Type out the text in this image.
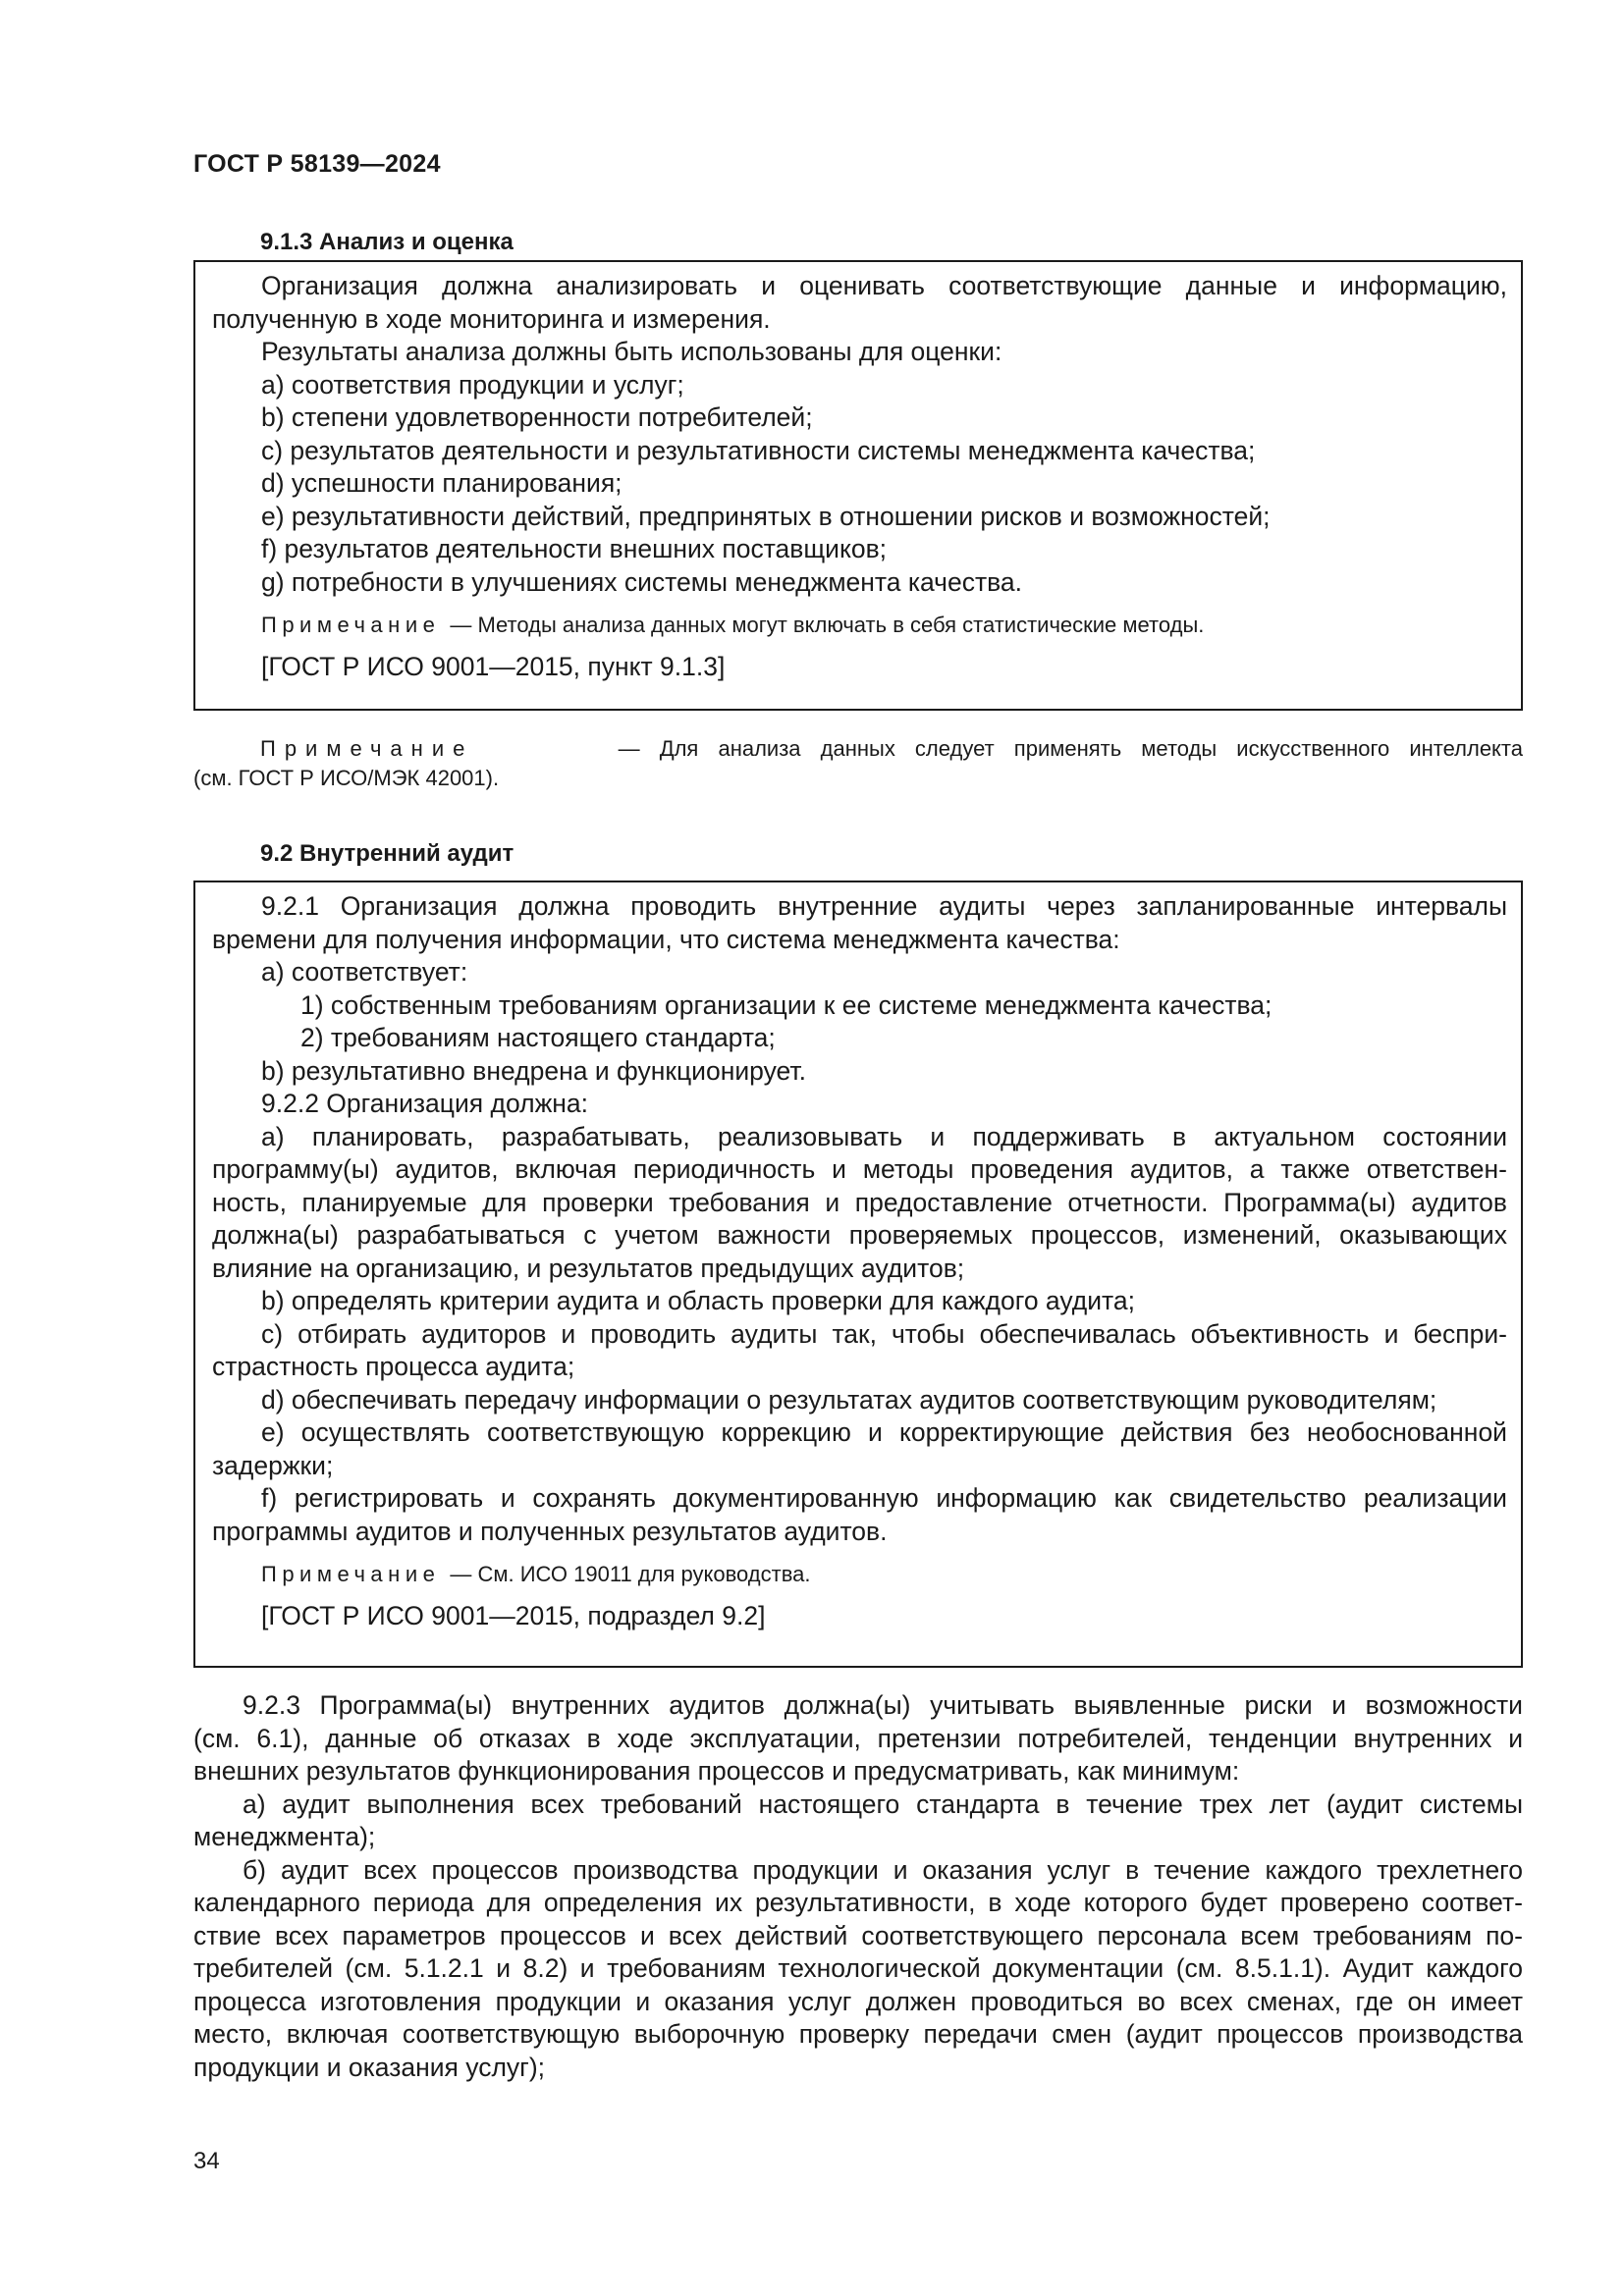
ГОСТ Р 58139—2024
9.1.3 Анализ и оценка
Организация должна анализировать и оценивать соответствующие данные и информацию,
полученную в ходе мониторинга и измерения.
Результаты анализа должны быть использованы для оценки:
a) соответствия продукции и услуг;
b) степени удовлетворенности потребителей;
c) результатов деятельности и результативности системы менеджмента качества;
d) успешности планирования;
e) результативности действий, предпринятых в отношении рисков и возможностей;
f) результатов деятельности внешних поставщиков;
g) потребности в улучшениях системы менеджмента качества.
Примечание — Методы анализа данных могут включать в себя статистические методы.
[ГОСТ Р ИСО 9001—2015, пункт 9.1.3]
Примечание	— Для анализа данных следует применять методы искусственного интеллекта
(см. ГОСТ Р ИСО/МЭК 42001).
9.2 Внутренний аудит
9.2.1 Организация должна проводить внутренние аудиты через запланированные интервалы
времени для получения информации, что система менеджмента качества:
a) соответствует:
1) собственным требованиям организации к ее системе менеджмента качества;
2) требованиям настоящего стандарта;
b) результативно внедрена и функционирует.
9.2.2 Организация должна:
a) планировать, разрабатывать, реализовывать и поддерживать в актуальном состоянии
программу(ы) аудитов, включая периодичность и методы проведения аудитов, а также ответствен-
ность, планируемые для проверки требования и предоставление отчетности. Программа(ы) аудитов
должна(ы) разрабатываться с учетом важности проверяемых процессов, изменений, оказывающих
влияние на организацию, и результатов предыдущих аудитов;
b) определять критерии аудита и область проверки для каждого аудита;
c) отбирать аудиторов и проводить аудиты так, чтобы обеспечивалась объективность и беспри-
страстность процесса аудита;
d) обеспечивать передачу информации о результатах аудитов соответствующим руководителям;
e) осуществлять соответствующую коррекцию и корректирующие действия без необоснованной
задержки;
f) регистрировать и сохранять документированную информацию как свидетельство реализации
программы аудитов и полученных результатов аудитов.
Примечание — См. ИСО 19011 для руководства.
[ГОСТ Р ИСО 9001—2015, подраздел 9.2]
9.2.3 Программа(ы) внутренних аудитов должна(ы) учитывать выявленные риски и возможности
(см. 6.1), данные об отказах в ходе эксплуатации, претензии потребителей, тенденции внутренних и
внешних результатов функционирования процессов и предусматривать, как минимум:
а) аудит выполнения всех требований настоящего стандарта в течение трех лет (аудит системы
менеджмента);
б) аудит всех процессов производства продукции и оказания услуг в течение каждого трехлетнего
календарного периода для определения их результативности, в ходе которого будет проверено соответ-
ствие всех параметров процессов и всех действий соответствующего персонала всем требованиям по-
требителей (см. 5.1.2.1 и 8.2) и требованиям технологической документации (см. 8.5.1.1). Аудит каждого
процесса изготовления продукции и оказания услуг должен проводиться во всех сменах, где он имеет
место, включая соответствующую выборочную проверку передачи смен (аудит процессов производства
продукции и оказания услуг);
34
